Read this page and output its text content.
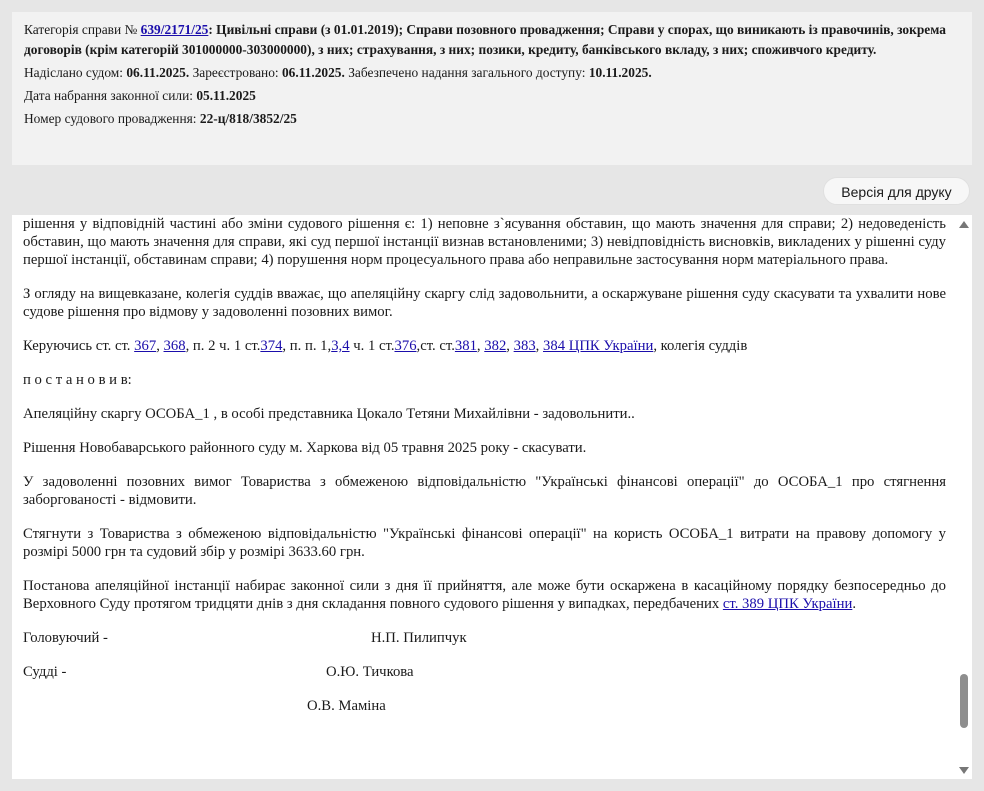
Категорія справи № 639/2171/25: Цивільні справи (з 01.01.2019); Справи позовного провадження; Справи у спорах, що виникають із правочинів, зокрема договорів (крім категорій 301000000-303000000), з них; страхування, з них; позики, кредиту, банківського вкладу, з них; споживчого кредиту.

Надіслано судом: 06.11.2025. Зареєстровано: 06.11.2025. Забезпечено надання загального доступу: 10.11.2025.

Дата набрання законної сили: 05.11.2025

Номер судового провадження: 22-ц/818/3852/25

Версія для друку

рішення у відповідній частині або зміни судового рішення є: 1) неповне з`ясування обставин, що мають значення для справи; 2) недоведеність обставин, що мають значення для справи, які суд першої інстанції визнав встановленими; 3) невідповідність висновків, викладених у рішенні суду першої інстанції, обставинам справи; 4) порушення норм процесуального права або неправильне застосування норм матеріального права.

З огляду на вищевказане, колегія суддів вважає, що апеляційну скаргу слід задовольнити, а оскаржуване рішення суду скасувати та ухвалити нове судове рішення про відмову у задоволенні позовних вимог.

Керуючись ст. ст. 367, 368, п. 2 ч. 1 ст.374, п. п. 1,3,4 ч. 1 ст.376,ст. ст.381, 382, 383, 384 ЦПК України, колегія суддів

п о с т а н о в и в:

Апеляційну скаргу ОСОБА_1 , в особі представника Цокало Тетяни Михайлівни - задовольнити..

Рішення Новобаварського районного суду м. Харкова від 05 травня 2025 року - скасувати.

У задоволенні позовних вимог Товариства з обмеженою відповідальністю "Українські фінансові операції" до ОСОБА_1 про стягнення заборгованості - відмовити.

Стягнути з Товариства з обмеженою відповідальністю "Українські фінансові операції" на користь ОСОБА_1 витрати на правову допомогу у розмірі 5000 грн та судовий збір у розмірі 3633.60 грн.

Постанова апеляційної інстанції набирає законної сили з дня її прийняття, але може бути оскаржена в касаційному порядку безпосередньо до Верховного Суду протягом тридцяти днів з дня складання повного судового рішення у випадках, передбачених ст. 389 ЦПК України.

Головуючий -	Н.П. Пилипчук
Судді -	О.Ю. Тичкова
О.В. Маміна
